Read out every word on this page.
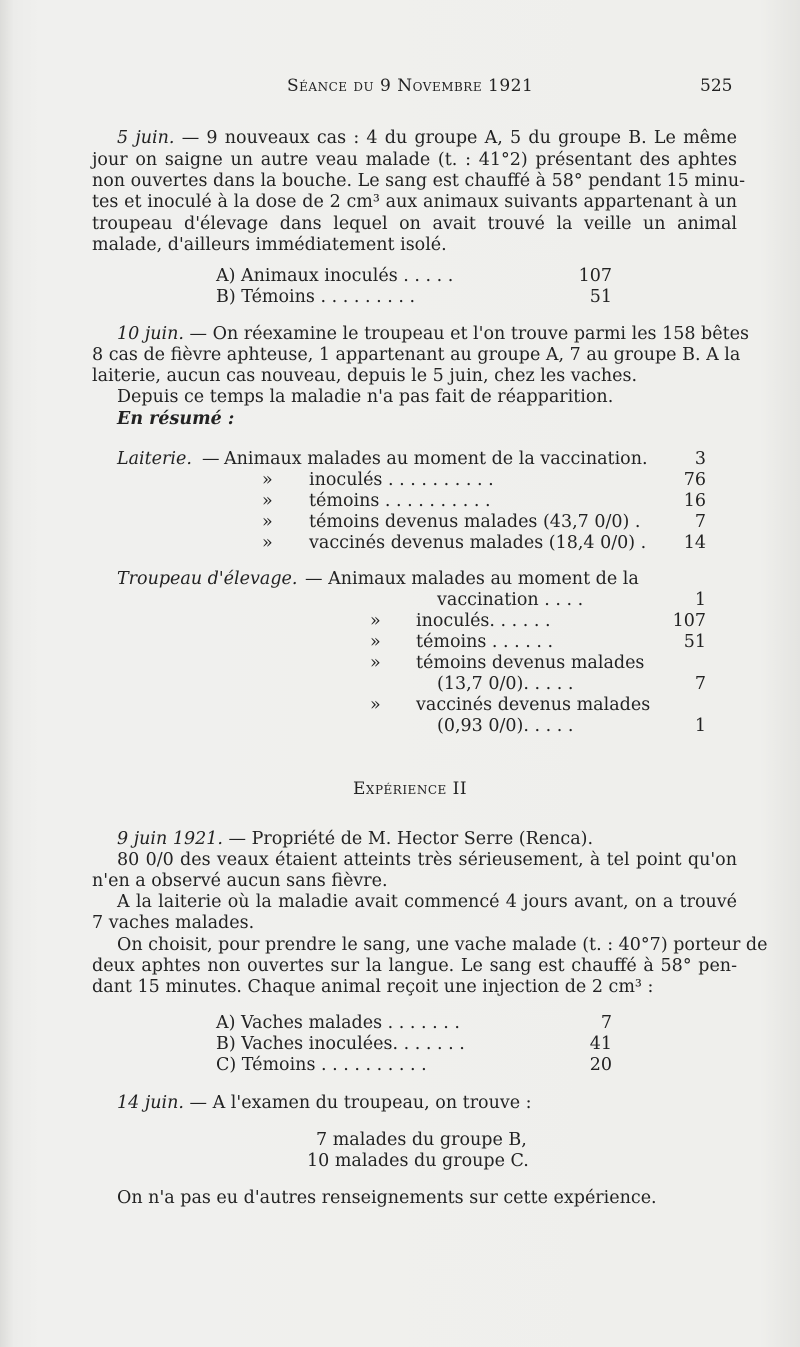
Séance du 9 Novembre 1921	525
5 juin. — 9 nouveaux cas : 4 du groupe A, 5 du groupe B. Le même
jour on saigne un autre veau malade (t. : 41°2) présentant des aphtes
non ouvertes dans la bouche. Le sang est chauffé à 58° pendant 15 minu-
tes et inoculé à la dose de 2 cm³ aux animaux suivants appartenant à un
troupeau d'élevage dans lequel on avait trouvé la veille un animal
malade, d'ailleurs immédiatement isolé.
A) Animaux inoculés . . . . .	107
B) Témoins . . . . . . . . .	51
10 juin. — On réexamine le troupeau et l'on trouve parmi les 158 bêtes
8 cas de fièvre aphteuse, 1 appartenant au groupe A, 7 au groupe B. A la
laiterie, aucun cas nouveau, depuis le 5 juin, chez les vaches.
Depuis ce temps la maladie n'a pas fait de réapparition.
En résumé :
Laiterie. — Animaux malades au moment de la vaccination.	3
» inoculés . . . . . . . . . .	76
» témoins . . . . . . . . . .	16
» témoins devenus malades (43,7 0/0) .	7
» vaccinés devenus malades (18,4 0/0) .	14
Troupeau d'élevage. — Animaux malades au moment de la
vaccination . . . .	1
» inoculés. . . . . .	107
» témoins . . . . . .	51
» témoins devenus malades
(13,7 0/0). . . . .	7
» vaccinés devenus malades
(0,93 0/0). . . . .	1
Expérience II
9 juin 1921. — Propriété de M. Hector Serre (Renca).
80 0/0 des veaux étaient atteints très sérieusement, à tel point qu'on
n'en a observé aucun sans fièvre.
A la laiterie où la maladie avait commencé 4 jours avant, on a trouvé
7 vaches malades.
On choisit, pour prendre le sang, une vache malade (t. : 40°7) porteur de
deux aphtes non ouvertes sur la langue. Le sang est chauffé à 58° pen-
dant 15 minutes. Chaque animal reçoit une injection de 2 cm³ :
A) Vaches malades . . . . . . .	7
B) Vaches inoculées. . . . . . .	41
C) Témoins . . . . . . . . . .	20
14 juin. — A l'examen du troupeau, on trouve :
7 malades du groupe B,
10 malades du groupe C.
On n'a pas eu d'autres renseignements sur cette expérience.
